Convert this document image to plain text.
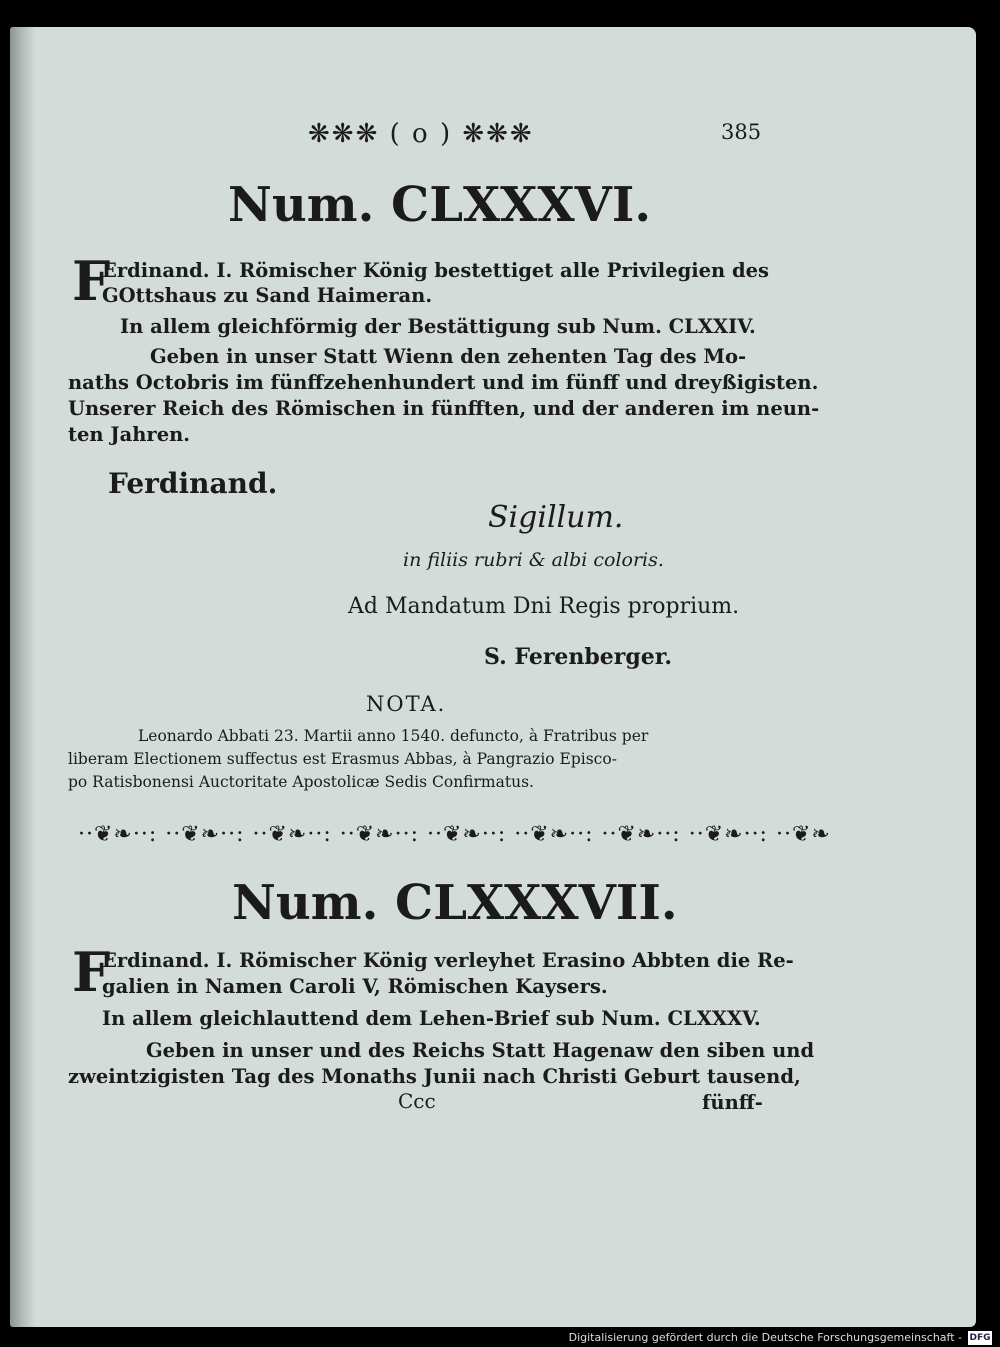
❋❋❋ ( o ) ❋❋❋	385
Num. CLXXXVI.
F
Erdinand. I. Römischer König bestettiget alle Privilegien des
GOttshaus zu Sand Haimeran.
In allem gleichförmig der Bestättigung sub Num. CLXXIV.
Geben in unser Statt Wienn den zehenten Tag des Mo-
naths Octobris im fünffzehenhundert und im fünff und dreyßigisten.
Unserer Reich des Römischen in fünfften, und der anderen im neun-
ten Jahren.
Ferdinand.
Sigillum.
in filiis rubri & albi coloris.
Ad Mandatum Dni Regis proprium.
S. Ferenberger.
NOTA.
Leonardo Abbati 23. Martii anno 1540. defuncto, à Fratribus per
liberam Electionem suffectus est Erasmus Abbas, à Pangrazio Episco-
po Ratisbonensi Auctoritate Apostolicæ Sedis Confirmatus.
··❦❧··: ··❦❧··: ··❦❧··: ··❦❧··: ··❦❧··: ··❦❧··: ··❦❧··: ··❦❧··: ··❦❧
Num. CLXXXVII.
F
Erdinand. I. Römischer König verleyhet Erasino Abbten die Re-
galien in Namen Caroli V, Römischen Kaysers.
In allem gleichlauttend dem Lehen-Brief sub Num. CLXXXV.
Geben in unser und des Reichs Statt Hagenaw den siben und
zweintzigisten Tag des Monaths Junii nach Christi Geburt tausend,
Ccc	fünff-
Digitalisierung gefördert durch die Deutsche Forschungsgemeinschaft - DFG
